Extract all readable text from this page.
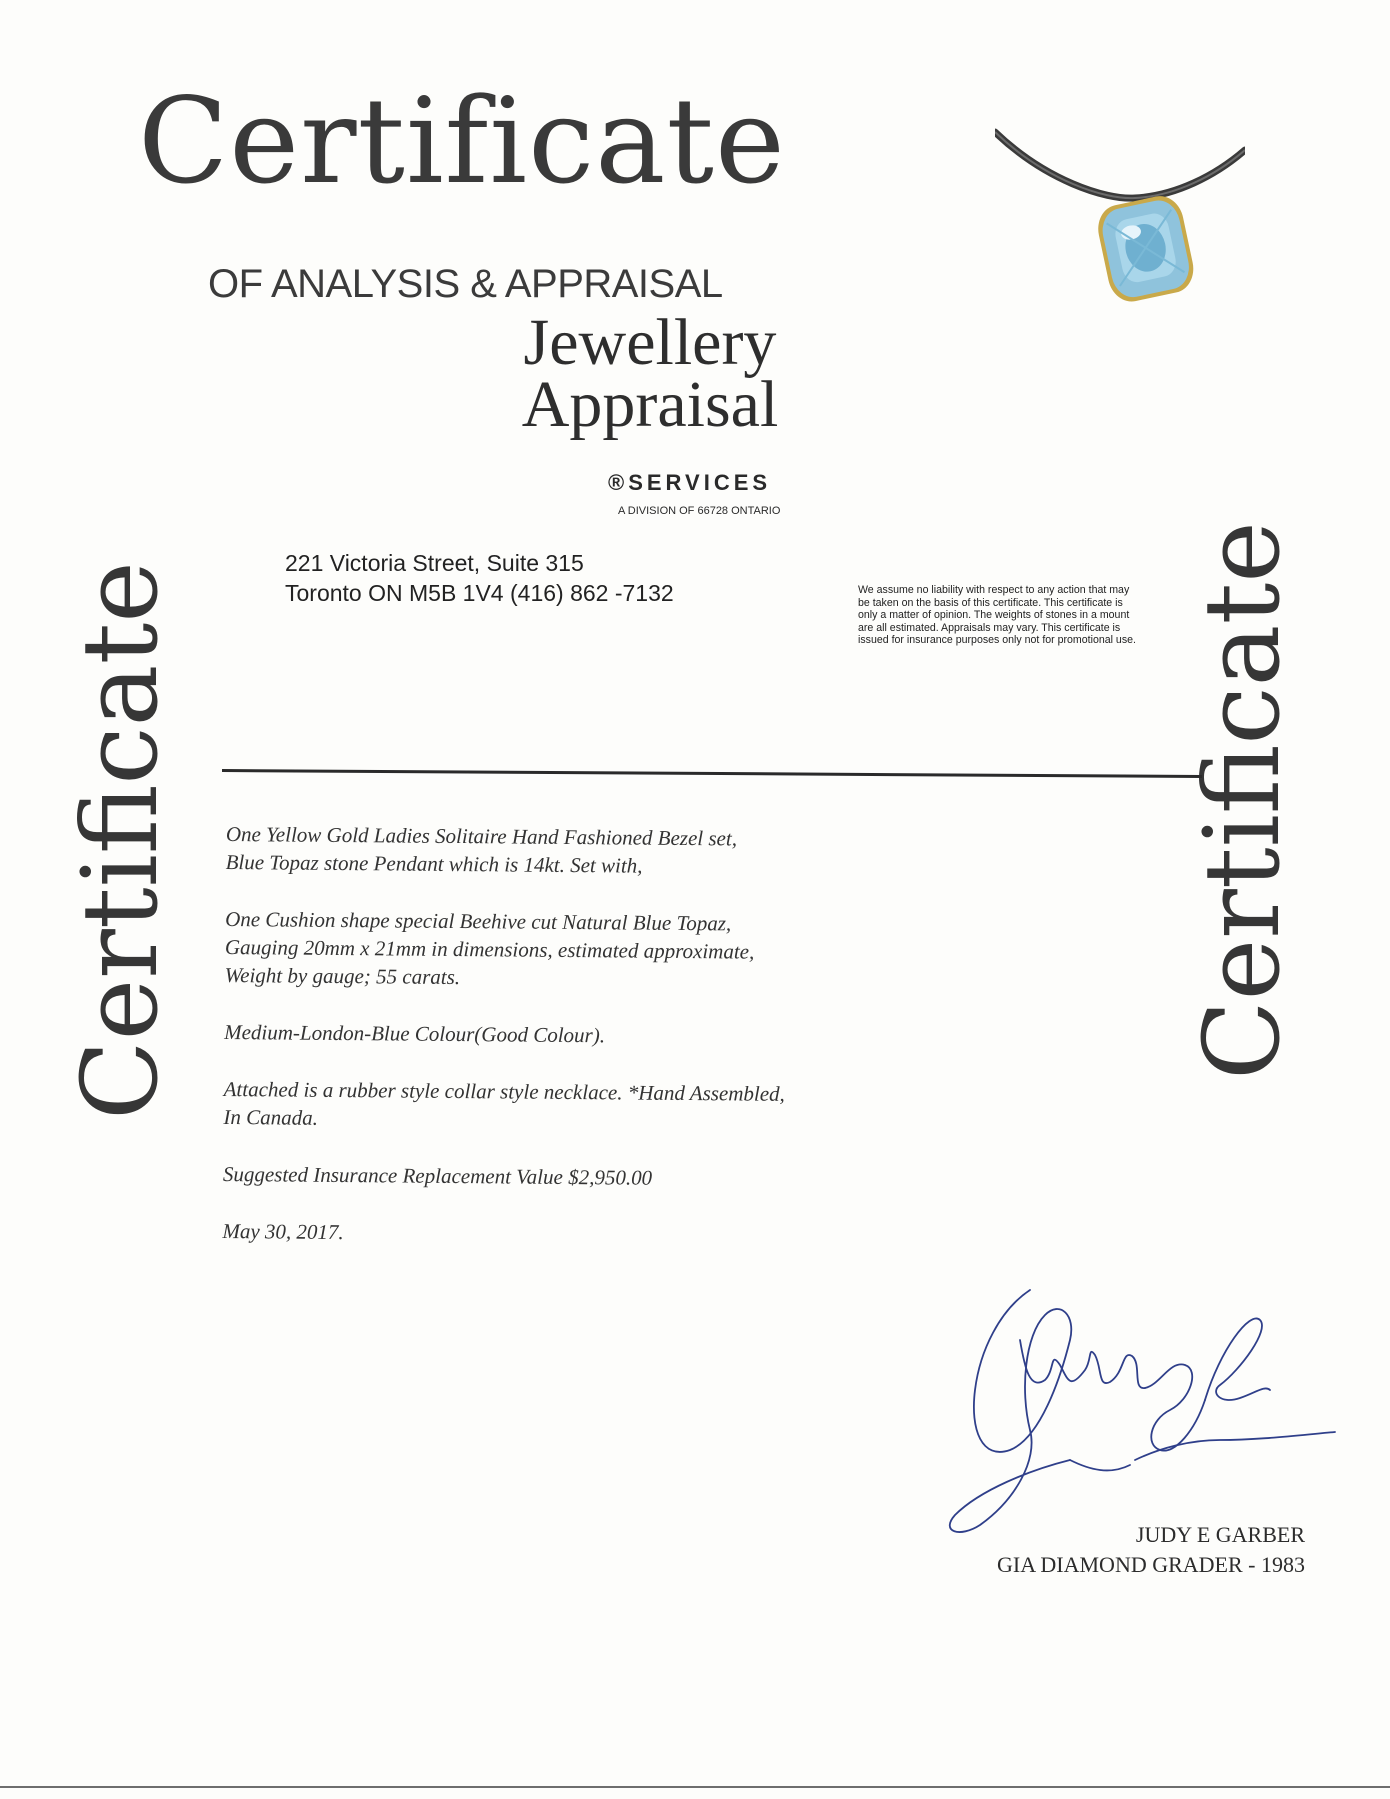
Certificate
OF ANALYSIS & APPRAISAL
Jewellery
Appraisal
®SERVICES
A DIVISION OF 66728 ONTARIO
221 Victoria Street, Suite 315
Toronto ON M5B 1V4 (416) 862 -7132	We assume no liability with respect to any action that may be taken on the basis of this certificate. This certificate is only a matter of opinion. The weights of stones in a mount are all estimated. Appraisals may vary. This certificate is issued for insurance purposes only not for promotional use.
Certificate	Certificate

One Yellow Gold Ladies Solitaire Hand Fashioned Bezel set,
Blue Topaz stone Pendant which is 14kt. Set with,

One Cushion shape special Beehive cut Natural Blue Topaz,
Gauging 20mm x 21mm in dimensions, estimated approximate,
Weight by gauge; 55 carats.

Medium-London-Blue Colour(Good Colour).

Attached is a rubber style collar style necklace. *Hand Assembled,
In Canada.

Suggested Insurance Replacement Value $2,950.00

May 30, 2017.

JUDY E GARBER
GIA DIAMOND GRADER - 1983
